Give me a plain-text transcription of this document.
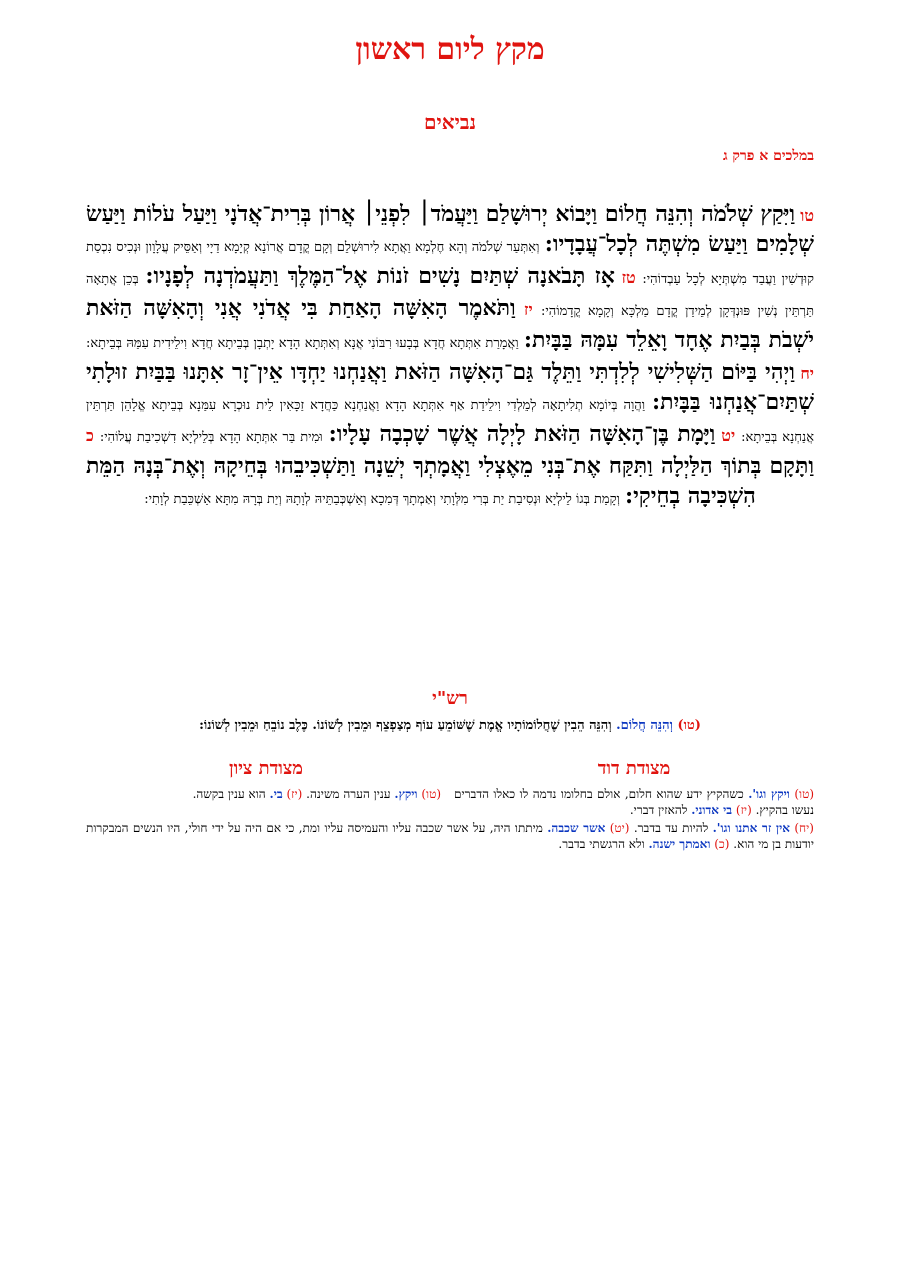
מקץ ליום ראשון
נביאים
במלכים א פרק ג
טו וַיִּקַץ שְׁלֹמֹה וְהִנֵּה חֲלוֹם וַיָּבוֹא יְרוּשָׁלַם וַיַּעֲמֹד׀ לִפְנֵי׀ אֲרוֹן בְּרִית־אֲדֹנָי וַיַּעַל עֹלוֹת וַיַּעַשׂ שְׁלָמִים וַיַּעַשׂ מִשְׁתֶּה לְכָל־עֲבָדָיו: וְאִתְּעַר שְׁלֹמֹה וְהָא חֶלְמָא וַאֲתָא לִירוּשְׁלֵם וְקָם קֳדָם אֲרוֹנָא קְיָמָא דַיָי וְאַסֵּיק עֲלָוָון וּנְכִיס נִכְסַת קוּדְשִׁין וַעֲבַד מִשְׁתְּיָא לְכָל עַבְדוֹהִי: טז אָז תָּבֹאנָה שְׁתַּיִם נָשִׁים זֹנוֹת אֶל־הַמֶּלֶךְ וַתַּעֲמֹדְנָה לְפָנָיו: בְּכֵן אֲתָאָה תַּרְתֵּין נְשִׁין פּוּנְדְּקָן לְמֵידַן קֳדָם מַלְכָּא וְקָמָא קֳדָמוֹהִי: יז וַתֹּאמֶר הָאִשָּׁה הָאַחַת בִּי אֲדֹנִי אֲנִי וְהָאִשָּׁה הַזֹּאת יֹשְׁבֹת בְּבַיִת אֶחָד וָאֵלֵד עִמָּהּ בַּבָּיִת: וַאֲמָרַת אִתְּתָא חֲדָא בְּבָעוּ רִבּוֹנִי אֲנָא וְאִתְּתָא הָדָא יָתְבָן בְּבֵיתָא חֲדָא וִילֵידִית עִמַּהּ בְּבֵיתָא: יח וַיְהִי בַּיּוֹם הַשְּׁלִישִׁי לְלִדְתִּי וַתֵּלֶד גַּם־הָאִשָּׁה הַזֹּאת וַאֲנַחְנוּ יַחְדָּו אֵין־זָר אִתָּנוּ בַּבַּיִת זוּלָתִי שְׁתַּיִם־אֲנַחְנוּ בַּבָּיִת: וַהֲוָה בְּיוֹמָא תְלִיתָאָה לְמֵלְדִי וִילֵידַת אַף אִתְּתָא הָדָא וַאֲנַחְנָא כַּחֲדָא זַכָּאִין לֵית נוּכְרָא עִמַּנָא בְּבֵיתָא אֱלָהֵן תַּרְתֵּין אֲנַחְנָא בְּבֵיתָא: יט וַיָּמָת בֶּן־הָאִשָּׁה הַזֹּאת לָיְלָה אֲשֶׁר שָׁכְבָה עָלָיו: וּמִית בַּר אִתְּתָא הָדָא בְּלֵילְיָא דִשְׁכִיבַת עֲלוֹהִי: כ וַתָּקָם בְּתוֹךְ הַלַּיְלָה וַתִּקַּח אֶת־בְּנִי מֵאֶצְלִי וַאֲמָתְךָ יְשֵׁנָה וַתַּשְׁכִּיבֵהוּ בְּחֵיקָהּ וְאֶת־בְּנָהּ הַמֵּת הִשְׁכִּיבָה בְחֵיקִי: וְקָמַת בְּגוֹ לֵילְיָא וּנְסִיבַת יַת בְּרִי מִלְּוָתִי וְאַמְתָךְ דְּמִכָא וְאַשְׁכְּבַתֵּיהּ לְוָתָהּ וְיַת בְּרָהּ מִתָּא אַשְׁכֵּבַת לְוָתִי:
רש"י
(טו) וְהִנֵּה חֲלוֹם. וְהִנֵּה הֵבִין שֶׁחֲלוֹמוֹתָיו אֱמֶת שֶׁשּׁוֹמֵעַ עוֹף מְצַפְצֵף וּמֵבִין לְשׁוֹנוֹ. כֶּלֶב נוֹבֵחַ וּמֵבִין לְשׁוֹנוֹ:
מצודת דוד
מצודת ציון
(טו) ויקץ וגו'. כשהקיץ ידע שהוא חלום, אולם בחלומו נדמה לו כאלו הדברים נעשו בהקיץ. (יז) בי אדוני. להאזין דברי.
(טו) ויקץ. ענין הערה משינה. (יז) בי. הוא ענין בקשה.
(יח) אין זר אתנו וגו'. להיות עד בדבר. (יט) אשר שכבה. מיתתו היה, על אשר שכבה עליו והעמיסה עליו ומת, כי אם היה על ידי חולי, היו הנשים המבקרות יודעות בן מי הוא. (כ) ואמתך ישנה. ולא הרגשתי בדבר.
